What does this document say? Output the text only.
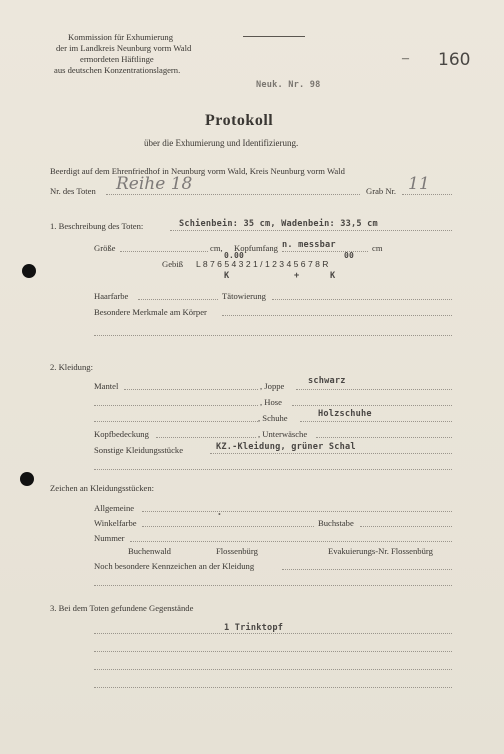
Kommission für Exhumierung
der im Landkreis Neunburg vorm Wald
ermordeten Häftlinge
aus deutschen Konzentrationslagern.
– 160
Neuk. Nr. 98
Protokoll
über die Exhumierung und Identifizierung.
Beerdigt auf dem Ehrenfriedhof in Neunburg vorm Wald, Kreis Neunburg vorm Wald
Nr. des Toten Reihe 18	Grab Nr. 11
1. Beschreibung des Toten:	Schienbein: 35 cm, Wadenbein: 33,5 cm
Größe	cm, Kopfumfang n. messbar	cm
0.00	00
Gebiß L 8 7 6 5 4 3 2 1 / 1 2 3 4 5 6 7 8 R
K	+	K
Haarfarbe	Tätowierung
Besondere Merkmale am Körper
2. Kleidung:
Mantel	, Joppe	schwarz
, Hose
, Schuhe	Holzschuhe
Kopfbedeckung	, Unterwäsche
Sonstige Kleidungsstücke	KZ.-Kleidung, grüner Schal
Zeichen an Kleidungsstücken:
Allgemeine
Winkelfarbe	Buchstabe
•
Nummer
Buchenwald	Flossenbürg	Evakuierungs-Nr. Flossenbürg
Noch besondere Kennzeichen an der Kleidung
3. Bei dem Toten gefundene Gegenstände
1 Trinktopf
